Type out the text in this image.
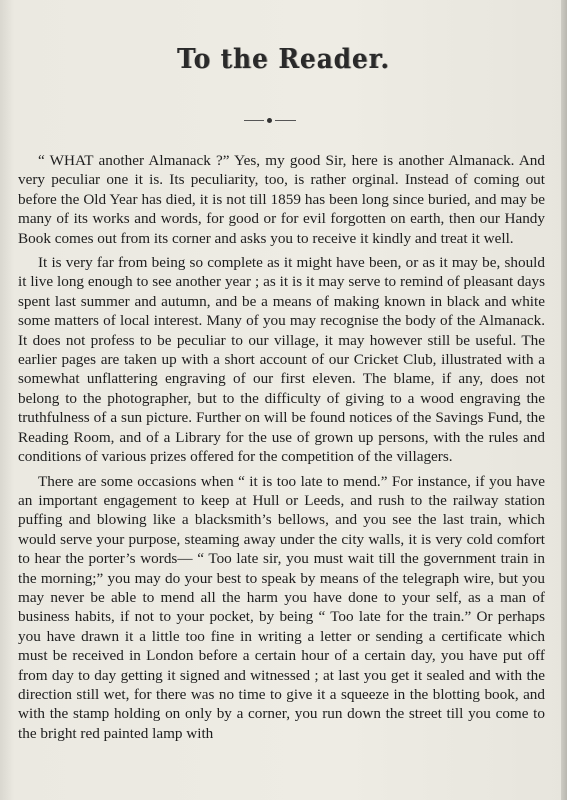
To the Reader.

“ WHAT another Almanack ?” Yes, my good Sir, here is another Almanack. And very peculiar one it is. Its peculiarity, too, is rather orginal. Instead of coming out before the Old Year has died, it is not till 1859 has been long since buried, and may be many of its works and words, for good or for evil forgotten on earth, then our Handy Book comes out from its corner and asks you to receive it kindly and treat it well.

It is very far from being so complete as it might have been, or as it may be, should it live long enough to see another year ; as it is it may serve to remind of pleasant days spent last summer and autumn, and be a means of making known in black and white some matters of local interest. Many of you may recognise the body of the Almanack. It does not profess to be peculiar to our village, it may however still be useful. The earlier pages are taken up with a short account of our Cricket Club, illustrated with a somewhat unflattering engraving of our first eleven. The blame, if any, does not belong to the photographer, but to the difficulty of giving to a wood engraving the truthfulness of a sun picture. Further on will be found notices of the Savings Fund, the Reading Room, and of a Library for the use of grown up persons, with the rules and conditions of various prizes offered for the competition of the villagers.

There are some occasions when “ it is too late to mend.” For instance, if you have an important engagement to keep at Hull or Leeds, and rush to the railway station puffing and blowing like a blacksmith’s bellows, and you see the last train, which would serve your purpose, steaming away under the city walls, it is very cold comfort to hear the porter’s words— “ Too late sir, you must wait till the government train in the morning;” you may do your best to speak by means of the telegraph wire, but you may never be able to mend all the harm you have done to your self, as a man of business habits, if not to your pocket, by being “ Too late for the train.” Or perhaps you have drawn it a little too fine in writing a letter or sending a certificate which must be received in London before a certain hour of a certain day, you have put off from day to day getting it signed and witnessed ; at last you get it sealed and with the direction still wet, for there was no time to give it a squeeze in the blotting book, and with the stamp holding on only by a corner, you run down the street till you come to the bright red painted lamp with
